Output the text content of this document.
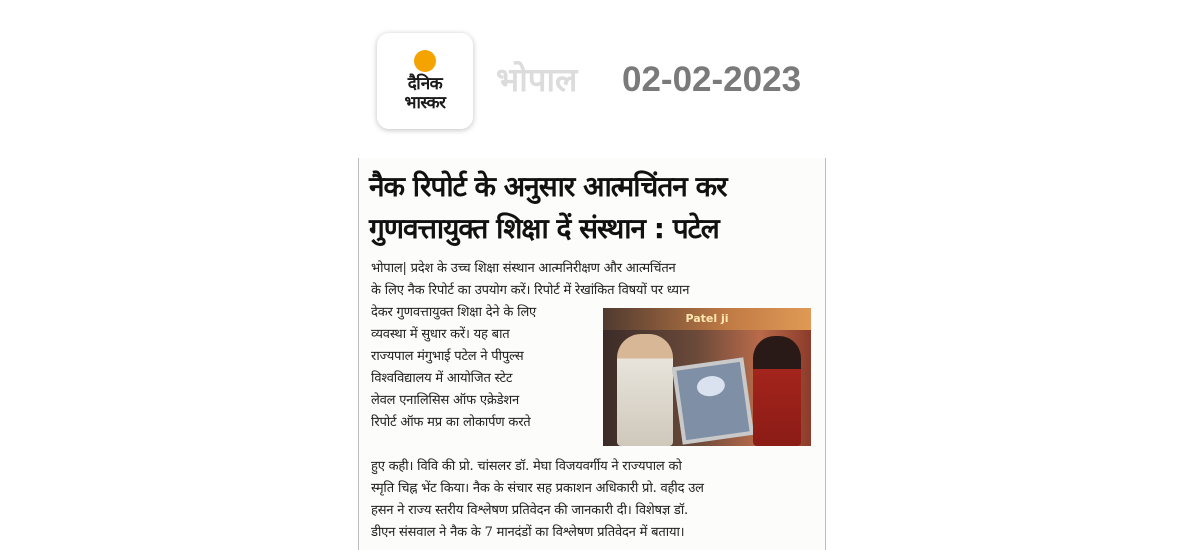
दैनिक
भास्कर
भोपाल 02-02-2023
नैक रिपोर्ट के अनुसार आत्मचिंतन कर
गुणवत्तायुक्त शिक्षा दें संस्थान : पटेल
भोपाल| प्रदेश के उच्च शिक्षा संस्थान आत्मनिरीक्षण और आत्मचिंतन
के लिए नैक रिपोर्ट का उपयोग करें। रिपोर्ट में रेखांकित विषयों पर ध्यान
देकर गुणवत्तायुक्त शिक्षा देने के लिए
व्यवस्था में सुधार करें। यह बात
राज्यपाल मंगुभाई पटेल ने पीपुल्स
विश्वविद्यालय में आयोजित स्टेट
लेवल एनालिसिस ऑफ एक्रेडेशन
रिपोर्ट ऑफ मप्र का लोकार्पण करते
Patel ji
हुए कही। विवि की प्रो. चांसलर डॉ. मेघा विजयवर्गीय ने राज्यपाल को
स्मृति चिह्न भेंट किया। नैक के संचार सह प्रकाशन अधिकारी प्रो. वहीद उल
हसन ने राज्य स्तरीय विश्लेषण प्रतिवेदन की जानकारी दी। विशेषज्ञ डॉ.
डीएन संसवाल ने नैक के 7 मानदंडों का विश्लेषण प्रतिवेदन में बताया।
